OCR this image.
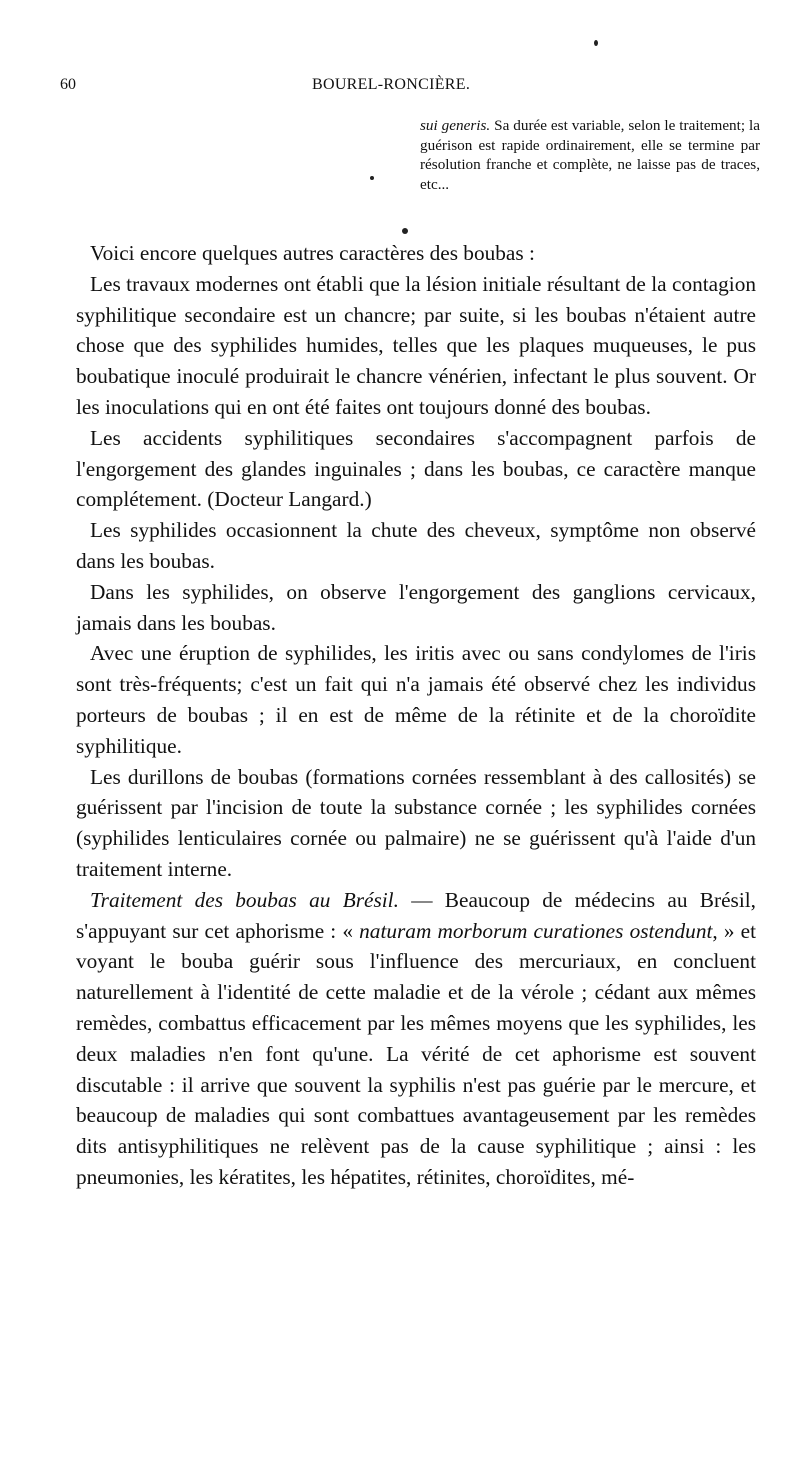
60	BOUREL-RONCIÈRE.

sui generis. Sa durée est variable, selon le traitement; la guérison est rapide ordinairement, elle se termine par résolution franche et complète, ne laisse pas de traces, etc...

Voici encore quelques autres caractères des boubas :

Les travaux modernes ont établi que la lésion initiale résultant de la contagion syphilitique secondaire est un chancre; par suite, si les boubas n'étaient autre chose que des syphilides humides, telles que les plaques muqueuses, le pus boubatique inoculé produirait le chancre vénérien, infectant le plus souvent. Or les inoculations qui en ont été faites ont toujours donné des boubas.

Les accidents syphilitiques secondaires s'accompagnent parfois de l'engorgement des glandes inguinales ; dans les boubas, ce caractère manque complétement. (Docteur Langard.)

Les syphilides occasionnent la chute des cheveux, symptôme non observé dans les boubas.

Dans les syphilides, on observe l'engorgement des ganglions cervicaux, jamais dans les boubas.

Avec une éruption de syphilides, les iritis avec ou sans condylomes de l'iris sont très-fréquents; c'est un fait qui n'a jamais été observé chez les individus porteurs de boubas ; il en est de même de la rétinite et de la choroïdite syphilitique.

Les durillons de boubas (formations cornées ressemblant à des callosités) se guérissent par l'incision de toute la substance cornée ; les syphilides cornées (syphilides lenticulaires cornée ou palmaire) ne se guérissent qu'à l'aide d'un traitement interne.

Traitement des boubas au Brésil. — Beaucoup de médecins au Brésil, s'appuyant sur cet aphorisme : « naturam morborum curationes ostendunt, » et voyant le bouba guérir sous l'influence des mercuriaux, en concluent naturellement à l'identité de cette maladie et de la vérole ; cédant aux mêmes remèdes, combattus efficacement par les mêmes moyens que les syphilides, les deux maladies n'en font qu'une. La vérité de cet aphorisme est souvent discutable : il arrive que souvent la syphilis n'est pas guérie par le mercure, et beaucoup de maladies qui sont combattues avantageusement par les remèdes dits antisyphilitiques ne relèvent pas de la cause syphilitique ; ainsi : les pneumonies, les kératites, les hépatites, rétinites, choroïdites, mé-
